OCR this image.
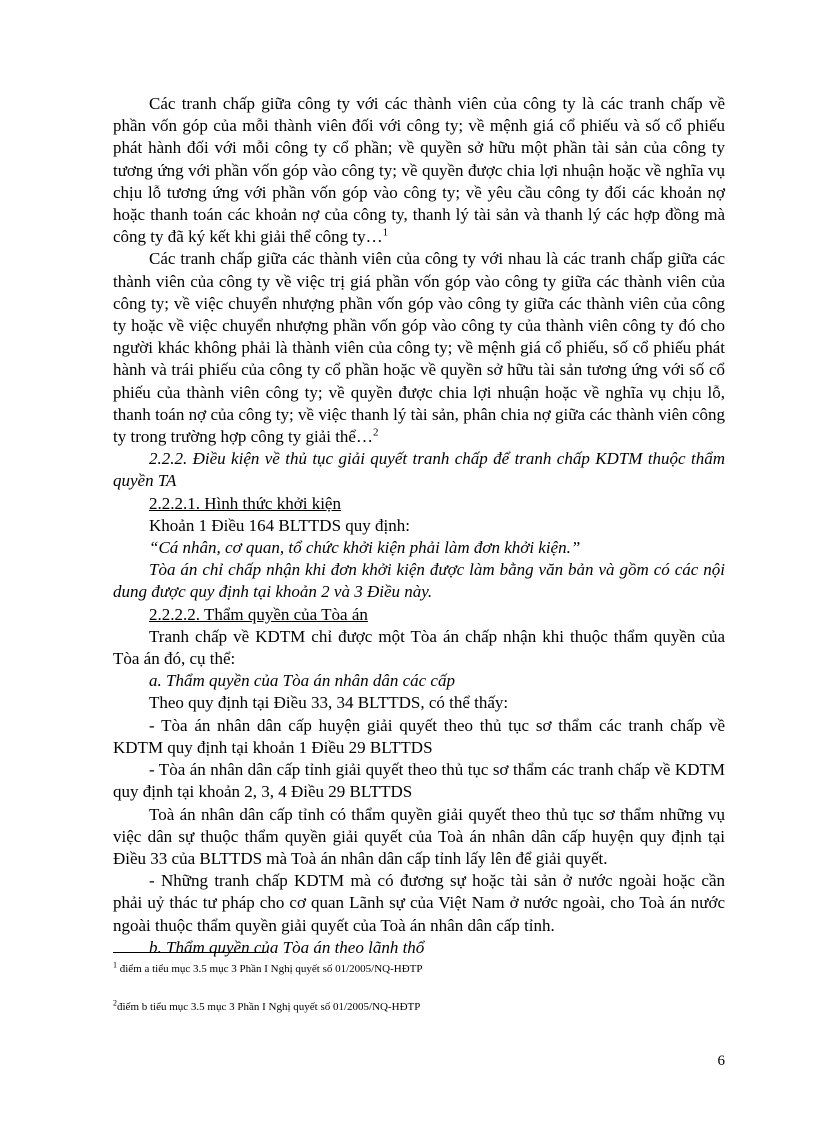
Các tranh chấp giữa công ty với các thành viên của công ty là các tranh chấp về phần vốn góp của mỗi thành viên đối với công ty; về mệnh giá cổ phiếu và số cổ phiếu phát hành đối với mỗi công ty cổ phần; về quyền sở hữu một phần tài sản của công ty tương ứng với phần vốn góp vào công ty; về quyền được chia lợi nhuận hoặc về nghĩa vụ chịu lỗ tương ứng với phần vốn góp vào công ty; về yêu cầu công ty đối các khoản nợ hoặc thanh toán các khoản nợ của công ty, thanh lý tài sản và thanh lý các hợp đồng mà công ty đã ký kết khi giải thể công ty…$^1$

Các tranh chấp giữa các thành viên của công ty với nhau là các tranh chấp giữa các thành viên của công ty về việc trị giá phần vốn góp vào công ty giữa các thành viên của công ty; về việc chuyển nhượng phần vốn góp vào công ty giữa các thành viên của công ty hoặc về việc chuyển nhượng phần vốn góp vào công ty của thành viên công ty đó cho người khác không phải là thành viên của công ty; về mệnh giá cổ phiếu, số cổ phiếu phát hành và trái phiếu của công ty cổ phần hoặc về quyền sở hữu tài sản tương ứng với số cổ phiếu của thành viên công ty; về quyền được chia lợi nhuận hoặc về nghĩa vụ chịu lỗ, thanh toán nợ của công ty; về việc thanh lý tài sản, phân chia nợ giữa các thành viên công ty trong trường hợp công ty giải thể…$^2$

2.2.2. Điều kiện về thủ tục giải quyết tranh chấp để tranh chấp KDTM thuộc thẩm quyền TA

2.2.2.1. Hình thức khởi kiện

Khoản 1 Điều 164 BLTTDS quy định:

“Cá nhân, cơ quan, tổ chức khởi kiện phải làm đơn khởi kiện.”

Tòa án chỉ chấp nhận khi đơn khởi kiện được làm bằng văn bản và gồm có các nội dung được quy định tại khoản 2 và 3 Điều này.

2.2.2.2. Thẩm quyền của Tòa án

Tranh chấp về KDTM chỉ được một Tòa án chấp nhận khi thuộc thẩm quyền của Tòa án đó, cụ thể:

a. Thẩm quyền của Tòa án nhân dân các cấp

Theo quy định tại Điều 33, 34 BLTTDS, có thể thấy:

- Tòa án nhân dân cấp huyện giải quyết theo thủ tục sơ thẩm các tranh chấp về KDTM quy định tại khoản 1 Điều 29 BLTTDS

- Tòa án nhân dân cấp tỉnh giải quyết theo thủ tục sơ thẩm các tranh chấp về KDTM quy định tại khoản 2, 3, 4 Điều 29 BLTTDS

Toà án nhân dân cấp tỉnh có thẩm quyền giải quyết theo thủ tục sơ thẩm những vụ việc dân sự thuộc thẩm quyền giải quyết của Toà án nhân dân cấp huyện quy định tại Điều 33 của BLTTDS mà Toà án nhân dân cấp tỉnh lấy lên để giải quyết.

- Những tranh chấp KDTM mà có đương sự hoặc tài sản ở nước ngoài hoặc cần phải uỷ thác tư pháp cho cơ quan Lãnh sự của Việt Nam ở nước ngoài, cho Toà án nước ngoài thuộc thẩm quyền giải quyết của Toà án nhân dân cấp tỉnh.

b. Thẩm quyền của Tòa án theo lãnh thổ

$^1$ điểm a tiểu mục 3.5 mục 3 Phần I Nghị quyết số 01/2005/NQ-HĐTP
$^2$điểm b tiểu mục 3.5 mục 3 Phần I Nghị quyết số 01/2005/NQ-HĐTP
6
